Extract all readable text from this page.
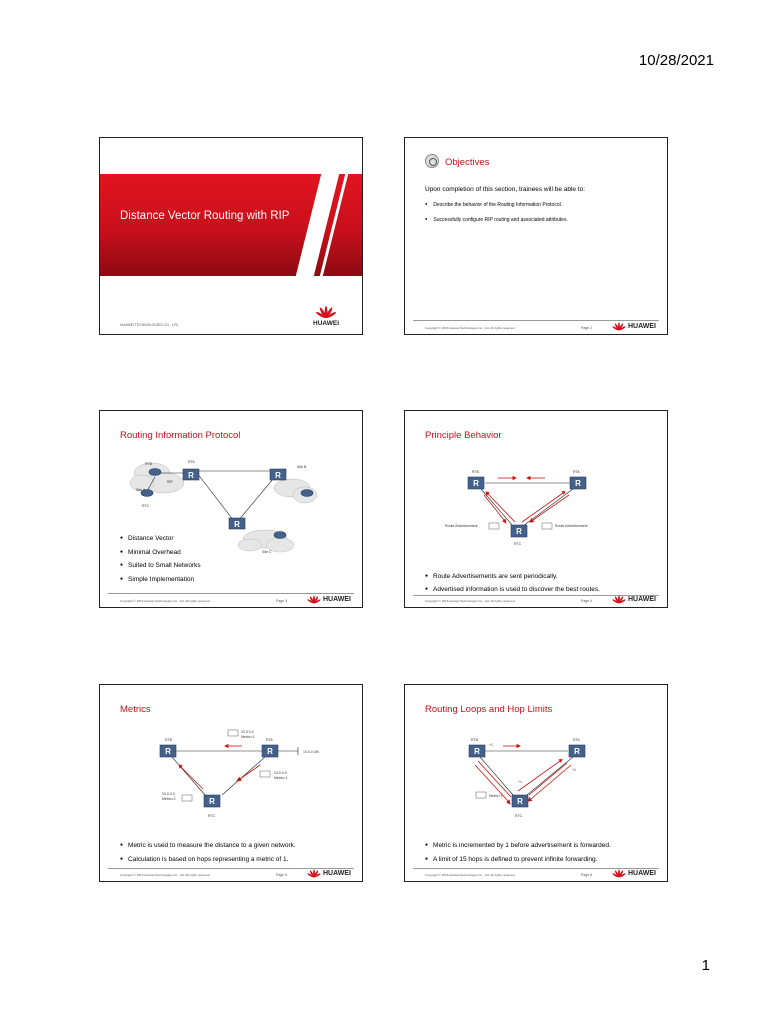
10/28/2021
Distance Vector Routing with RIP
HUAWEI TECHNOLOGIES CO., LTD.	HUAWEI
Objectives
Upon completion of this section, trainees will be able to:
● Describe the behavior of the Routing Information Protocol.
● Successfully configure RIP routing and associated attributes.
Copyright © 2016 Huawei Technologies Co., Ltd. All rights reserved.	Page 2	HUAWEI
Routing Information Protocol
R	R
R
RTB	RTA
RTC
Site A
Site B
Site C
RIP
● Distance Vector
● Minimal Overhead
● Suited to Small Networks
● Simple Implementation
Copyright © 2016 Huawei Technologies Co., Ltd. All rights reserved.	Page 3	HUAWEI
Principle Behavior
R	R
R
RTB	RTA
RTC
Route Advertisement	Route Advertisement
● Route Advertisements are sent periodically.
● Advertised information is used to discover the best routes.
Copyright © 2016 Huawei Technologies Co., Ltd. All rights reserved.	Page 4	HUAWEI
Metrics
R	R
R
RTB	RTA
RTC
10.0.0.0/8
10.0.0.0
Metric=1
10.0.0.0
Metric=1
10.0.0.0
Metric=2
● Metric is used to measure the distance to a given network.
● Calculation is based on hops representing a metric of 1.
Copyright © 2016 Huawei Technologies Co., Ltd. All rights reserved.	Page 5	HUAWEI
Routing Loops and Hop Limits
R	R
R
RTB	RTA
RTC
+1
+1
+1
Metric+1
● Metric is incremented by 1 before advertisement is forwarded.
● A limit of 15 hops is defined to prevent infinite forwarding.
Copyright © 2016 Huawei Technologies Co., Ltd. All rights reserved.	Page 6	HUAWEI
1
